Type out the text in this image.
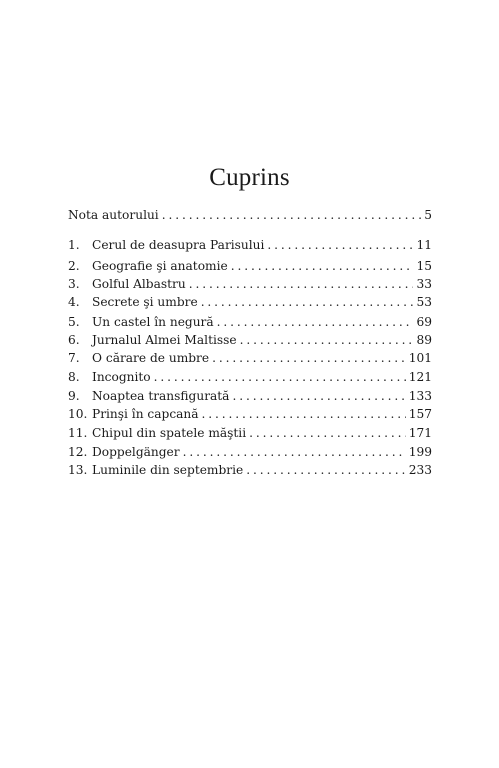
Cuprins
Nota autorului . . .	5
1.	Cerul de deasupra Parisului . . .	11
2.	Geografie şi anatomie . . .	15
3.	Golful Albastru . . .	33
4.	Secrete şi umbre . . .	53
5.	Un castel în negură . . .	69
6.	Jurnalul Almei Maltisse . . .	89
7.	O cărare de umbre . . .	101
8.	Incognito . . .	121
9.	Noaptea transfigurată . . .	133
10. Prinşi în capcană . . .	157
11. Chipul din spatele măştii . . .	171
12. Doppelgänger . . .	199
13. Luminile din septembrie . . .	233
